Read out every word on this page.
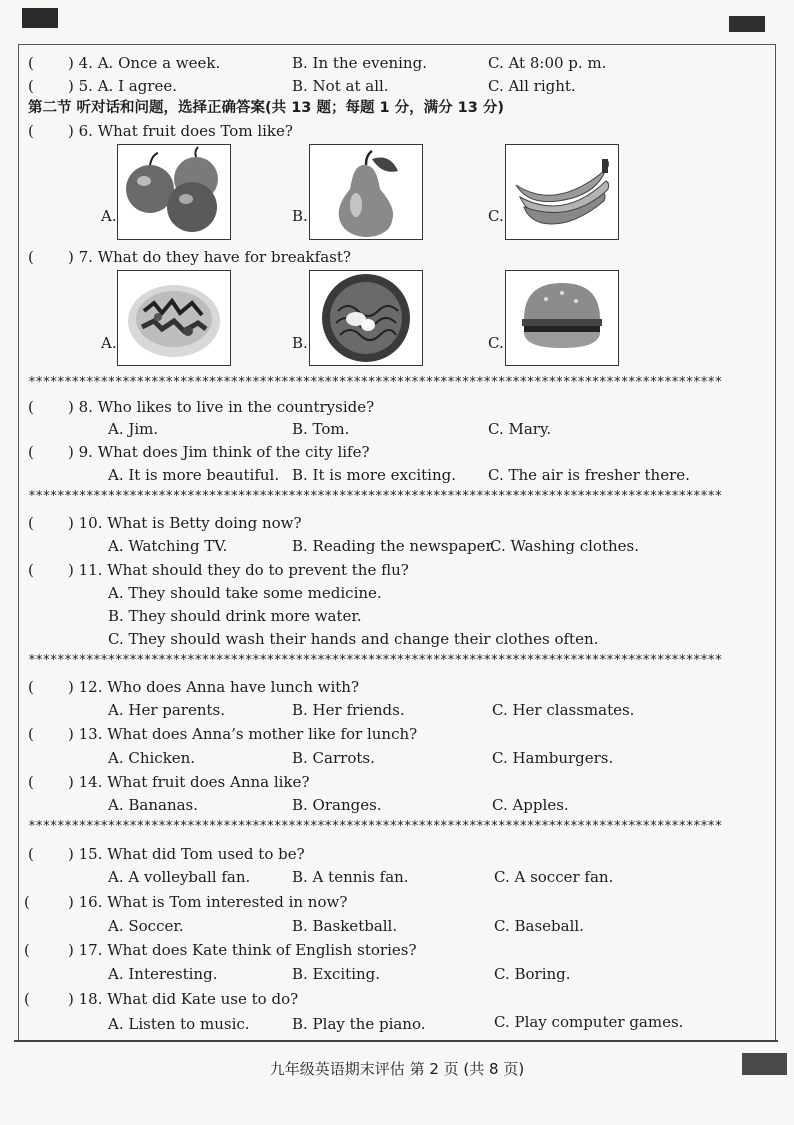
( ) 4. A. Once a week.	B. In the evening.	C. At 8:00 p. m.
( ) 5. A. I agree.	B. Not at all.	C. All right.
第二节 听对话和问题，选择正确答案(共 13 题；每题 1 分，满分 13 分)
( ) 6. What fruit does Tom like?
A.	B.	C.
( ) 7. What do they have for breakfast?
A.	B.	C.
************************************************************************************************
( ) 8. Who likes to live in the countryside?
A. Jim.	B. Tom.	C. Mary.
( ) 9. What does Jim think of the city life?
A. It is more beautiful. B. It is more exciting. C. The air is fresher there.
************************************************************************************************
( ) 10. What is Betty doing now?
A. Watching TV.	B. Reading the newspaper.
C. Washing clothes.
( ) 11. What should they do to prevent the flu?
A. They should take some medicine.
B. They should drink more water.
C. They should wash their hands and change their clothes often.
************************************************************************************************
( ) 12. Who does Anna have lunch with?
A. Her parents.	B. Her friends.	C. Her classmates.
( ) 13. What does Anna’s mother like for lunch?
A. Chicken.	B. Carrots.	C. Hamburgers.
( ) 14. What fruit does Anna like?
A. Bananas.	B. Oranges.	C. Apples.
************************************************************************************************
( ) 15. What did Tom used to be?
A. A volleyball fan.	B. A tennis fan.	C. A soccer fan.
(	) 16. What is Tom interested in now?
A. Soccer.	B. Basketball.	C. Baseball.
(	) 17. What does Kate think of English stories?
A. Interesting.	B. Exciting.	C. Boring.
(	) 18. What did Kate use to do?
A. Listen to music.	B. Play the piano.	C. Play computer games.
九年级英语期末评估 第 2 页 (共 8 页)
